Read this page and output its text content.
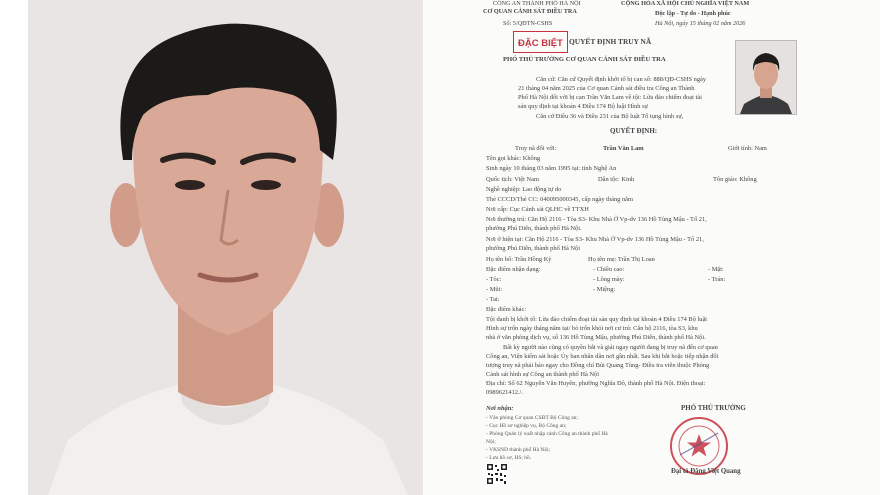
CÔNG AN THÀNH PHỐ HÀ NỘI
CƠ QUAN CẢNH SÁT ĐIỀU TRA
Số: 5/QĐTN-CSHS
CỘNG HÒA XÃ HỘI CHỦ NGHĨA VIỆT NAM
Độc lập - Tự do - Hạnh phúc
Hà Nội, ngày 15 tháng 02 năm 2026
ĐẶC BIỆT QUYẾT ĐỊNH TRUY NÃ
PHÓ THỦ TRƯỞNG CƠ QUAN CẢNH SÁT ĐIỀU TRA
Căn cứ: Căn cứ Quyết định khởi tố bị can số: 888/QĐ-CSHS ngày
21 tháng 04 năm 2025 của Cơ quan Cảnh sát điều tra Công an Thành
Phố Hà Nội đối với bị can Trần Văn Lam về tội: Lừa đảo chiếm đoạt tài
sản quy định tại khoản 4 Điều 174 Bộ luật Hình sự
Căn cứ Điều 36 và Điều 231 của Bộ luật Tố tụng hình sự,
QUYẾT ĐỊNH:
Truy nã đối với:	Trần Văn Lam	Giới tính: Nam
Tên gọi khác: Không
Sinh ngày 10 tháng 03 năm 1995 tại: tỉnh Nghệ An
Quốc tịch: Việt Nam	Dân tộc: Kinh	Tôn giáo: Không
Nghề nghiệp: Lao động tự do
Thẻ CCCD/Thẻ CC: 040095000345, cấp ngày tháng năm
Nơi cấp: Cục Cảnh sát QLHC về TTXH
Nơi thường trú: Căn Hộ 2116 - Tòa S3- Khu Nhà Ở Vp-dv 136 Hồ Tùng Mậu - Tổ 21,
phường Phú Diễn, thành phố Hà Nội.
Nơi ở hiện tại: Căn Hộ 2116 - Tòa S3- Khu Nhà Ở Vp-dv 136 Hồ Tùng Mậu - Tổ 21,
phường Phú Diễn, thành phố Hà Nội
Họ tên bố: Trần Hồng Kỳ	Họ tên mẹ: Trần Thị Loan
Đặc điểm nhận dạng:	- Chiều cao:	- Mặt:
- Tóc:	- Lông mày:	- Trán:
- Mũi:	- Miệng:
- Tai:
Đặc điểm khác:
Tội danh bị khởi tố: Lừa đảo chiếm đoạt tài sản quy định tại khoản 4 Điều 174 Bộ luật
Hình sự trốn ngày tháng năm tại/ bỏ trốn khỏi nơi cư trú: Căn hộ 2116, tòa S3, khu
nhà ở văn phòng dịch vụ, số 136 Hồ Tùng Mậu, phường Phú Diễn, thành phố Hà Nội.
Bất kỳ người nào cũng có quyền bắt và giải ngay người đang bị truy nã đến cơ quan
Công an, Viện kiểm sát hoặc Ủy ban nhân dân nơi gần nhất. Sau khi bắt hoặc tiếp nhận đối
tượng truy nã phải báo ngay cho Đồng chí Bùi Quang Tùng- Điều tra viên thuộc Phòng
Cảnh sát hình sự Công an thành phố Hà Nội
Địa chỉ: Số 62 Nguyễn Văn Huyên, phường Nghĩa Đô, thành phố Hà Nội. Điện thoại:
0989621412./.
Nơi nhận:
- Văn phòng Cơ quan CSĐT Bộ Công an;
- Cục Hồ sơ nghiệp vụ, Bộ Công an;
- Phòng Quản lý xuất nhập cảnh Công an thành phố Hà
Nội;
- VKSND thành phố Hà Nội;
- Lưu hồ sơ, HS; hồ.
PHÓ THỦ TRƯỞNG
Đại tá Đặng Việt Quang
